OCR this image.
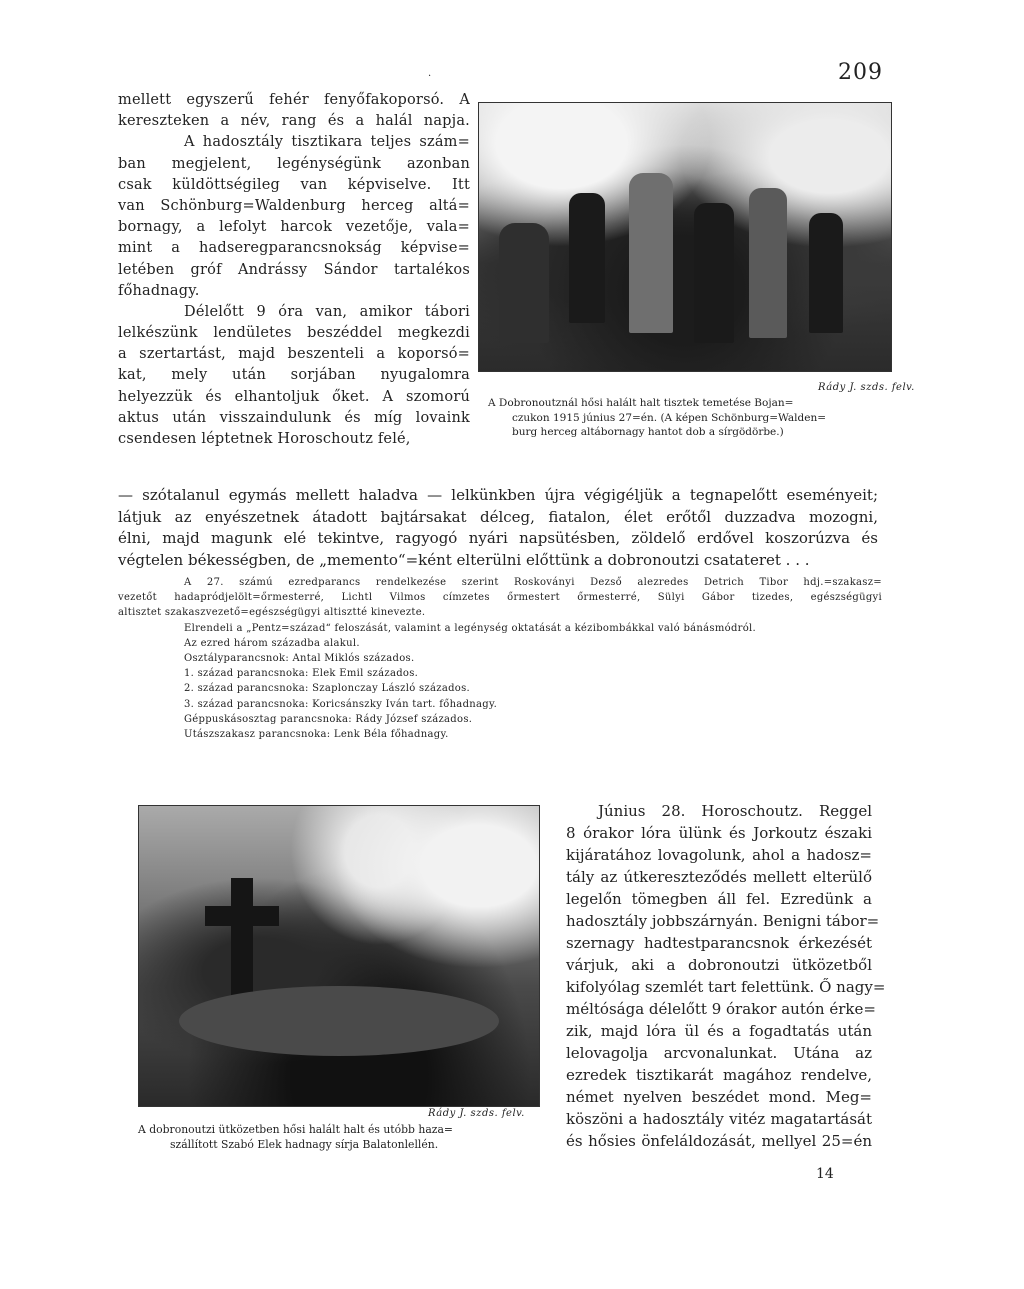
.	209
mellett egyszerű fehér fenyőfakoporsó. A
kereszteken a név, rang és a halál napja.
A hadosztály tisztikara teljes szám=
ban megjelent, legénységünk azonban
csak küldöttségileg van képviselve. Itt
van Schönburg=Waldenburg herceg altá=
bornagy, a lefolyt harcok vezetője, vala=
mint a hadseregparancsnokság képvise=
letében gróf Andrássy Sándor tartalékos
főhadnagy.
Délelőtt 9 óra van, amikor tábori
lelkészünk lendületes beszéddel megkezdi
a szertartást, majd beszenteli a koporsó=
kat, mely után sorjában nyugalomra
helyezzük és elhantoljuk őket. A szomorú
aktus után visszaindulunk és míg lovaink
csendesen léptetnek Horoschoutz felé,
Rády J. szds. felv.
A Dobronoutznál hősi halált halt tisztek temetése Bojan=
czukon 1915 június 27=én. (A képen Schönburg=Walden=
burg herceg altábornagy hantot dob a sírgödörbe.)
— szótalanul egymás mellett haladva — lelkünkben újra végigéljük a tegnapelőtt eseményeit;
látjuk az enyészetnek átadott bajtársakat délceg, fiatalon, élet erőtől duzzadva mozogni,
élni, majd magunk elé tekintve, ragyogó nyári napsütésben, zöldelő erdővel koszorúzva és
végtelen békességben, de „memento“=ként elterülni előttünk a dobronoutzi csatateret . . .
A 27. számú ezredparancs rendelkezése szerint Roskoványi Dezső alezredes Detrich Tibor hdj.=szakasz=
vezetőt hadapródjelölt=őrmesterré, Lichtl Vilmos címzetes őrmestert őrmesterré, Sülyi Gábor tizedes, egészségügyi
altisztet szakaszvezető=egészségügyi altisztté kinevezte.
Elrendeli a „Pentz=század“ feloszását, valamint a legénység oktatását a kézibombákkal való bánásmódról.
Az ezred három századba alakul.
Osztályparancsnok: Antal Miklós százados.
1. század parancsnoka: Elek Emil százados.
2. század parancsnoka: Szaplonczay László százados.
3. század parancsnoka: Koricsánszky Iván tart. főhadnagy.
Géppuskásosztag parancsnoka: Rády József százados.
Utászszakasz parancsnoka: Lenk Béla főhadnagy.
Rády J. szds. felv.
A dobronoutzi ütközetben hősi halált halt és utóbb haza=
szállított Szabó Elek hadnagy sírja Balatonlellén.
Június 28. Horoschoutz. Reggel
8 órakor lóra ülünk és Jorkoutz északi
kijáratához lovagolunk, ahol a hadosz=
tály az útkereszteződés mellett elterülő
legelőn tömegben áll fel. Ezredünk a
hadosztály jobbszárnyán. Benigni tábor=
szernagy hadtestparancsnok érkezését
várjuk, aki a dobronoutzi ütközetből
kifolyólag szemlét tart felettünk. Ő nagy=
méltósága délelőtt 9 órakor autón érke=
zik, majd lóra ül és a fogadtatás után
lelovagolja arcvonalunkat. Utána az
ezredek tisztikarát magához rendelve,
német nyelven beszédet mond. Meg=
köszöni a hadosztály vitéz magatartását
és hősies önfeláldozását, mellyel 25=én
14
